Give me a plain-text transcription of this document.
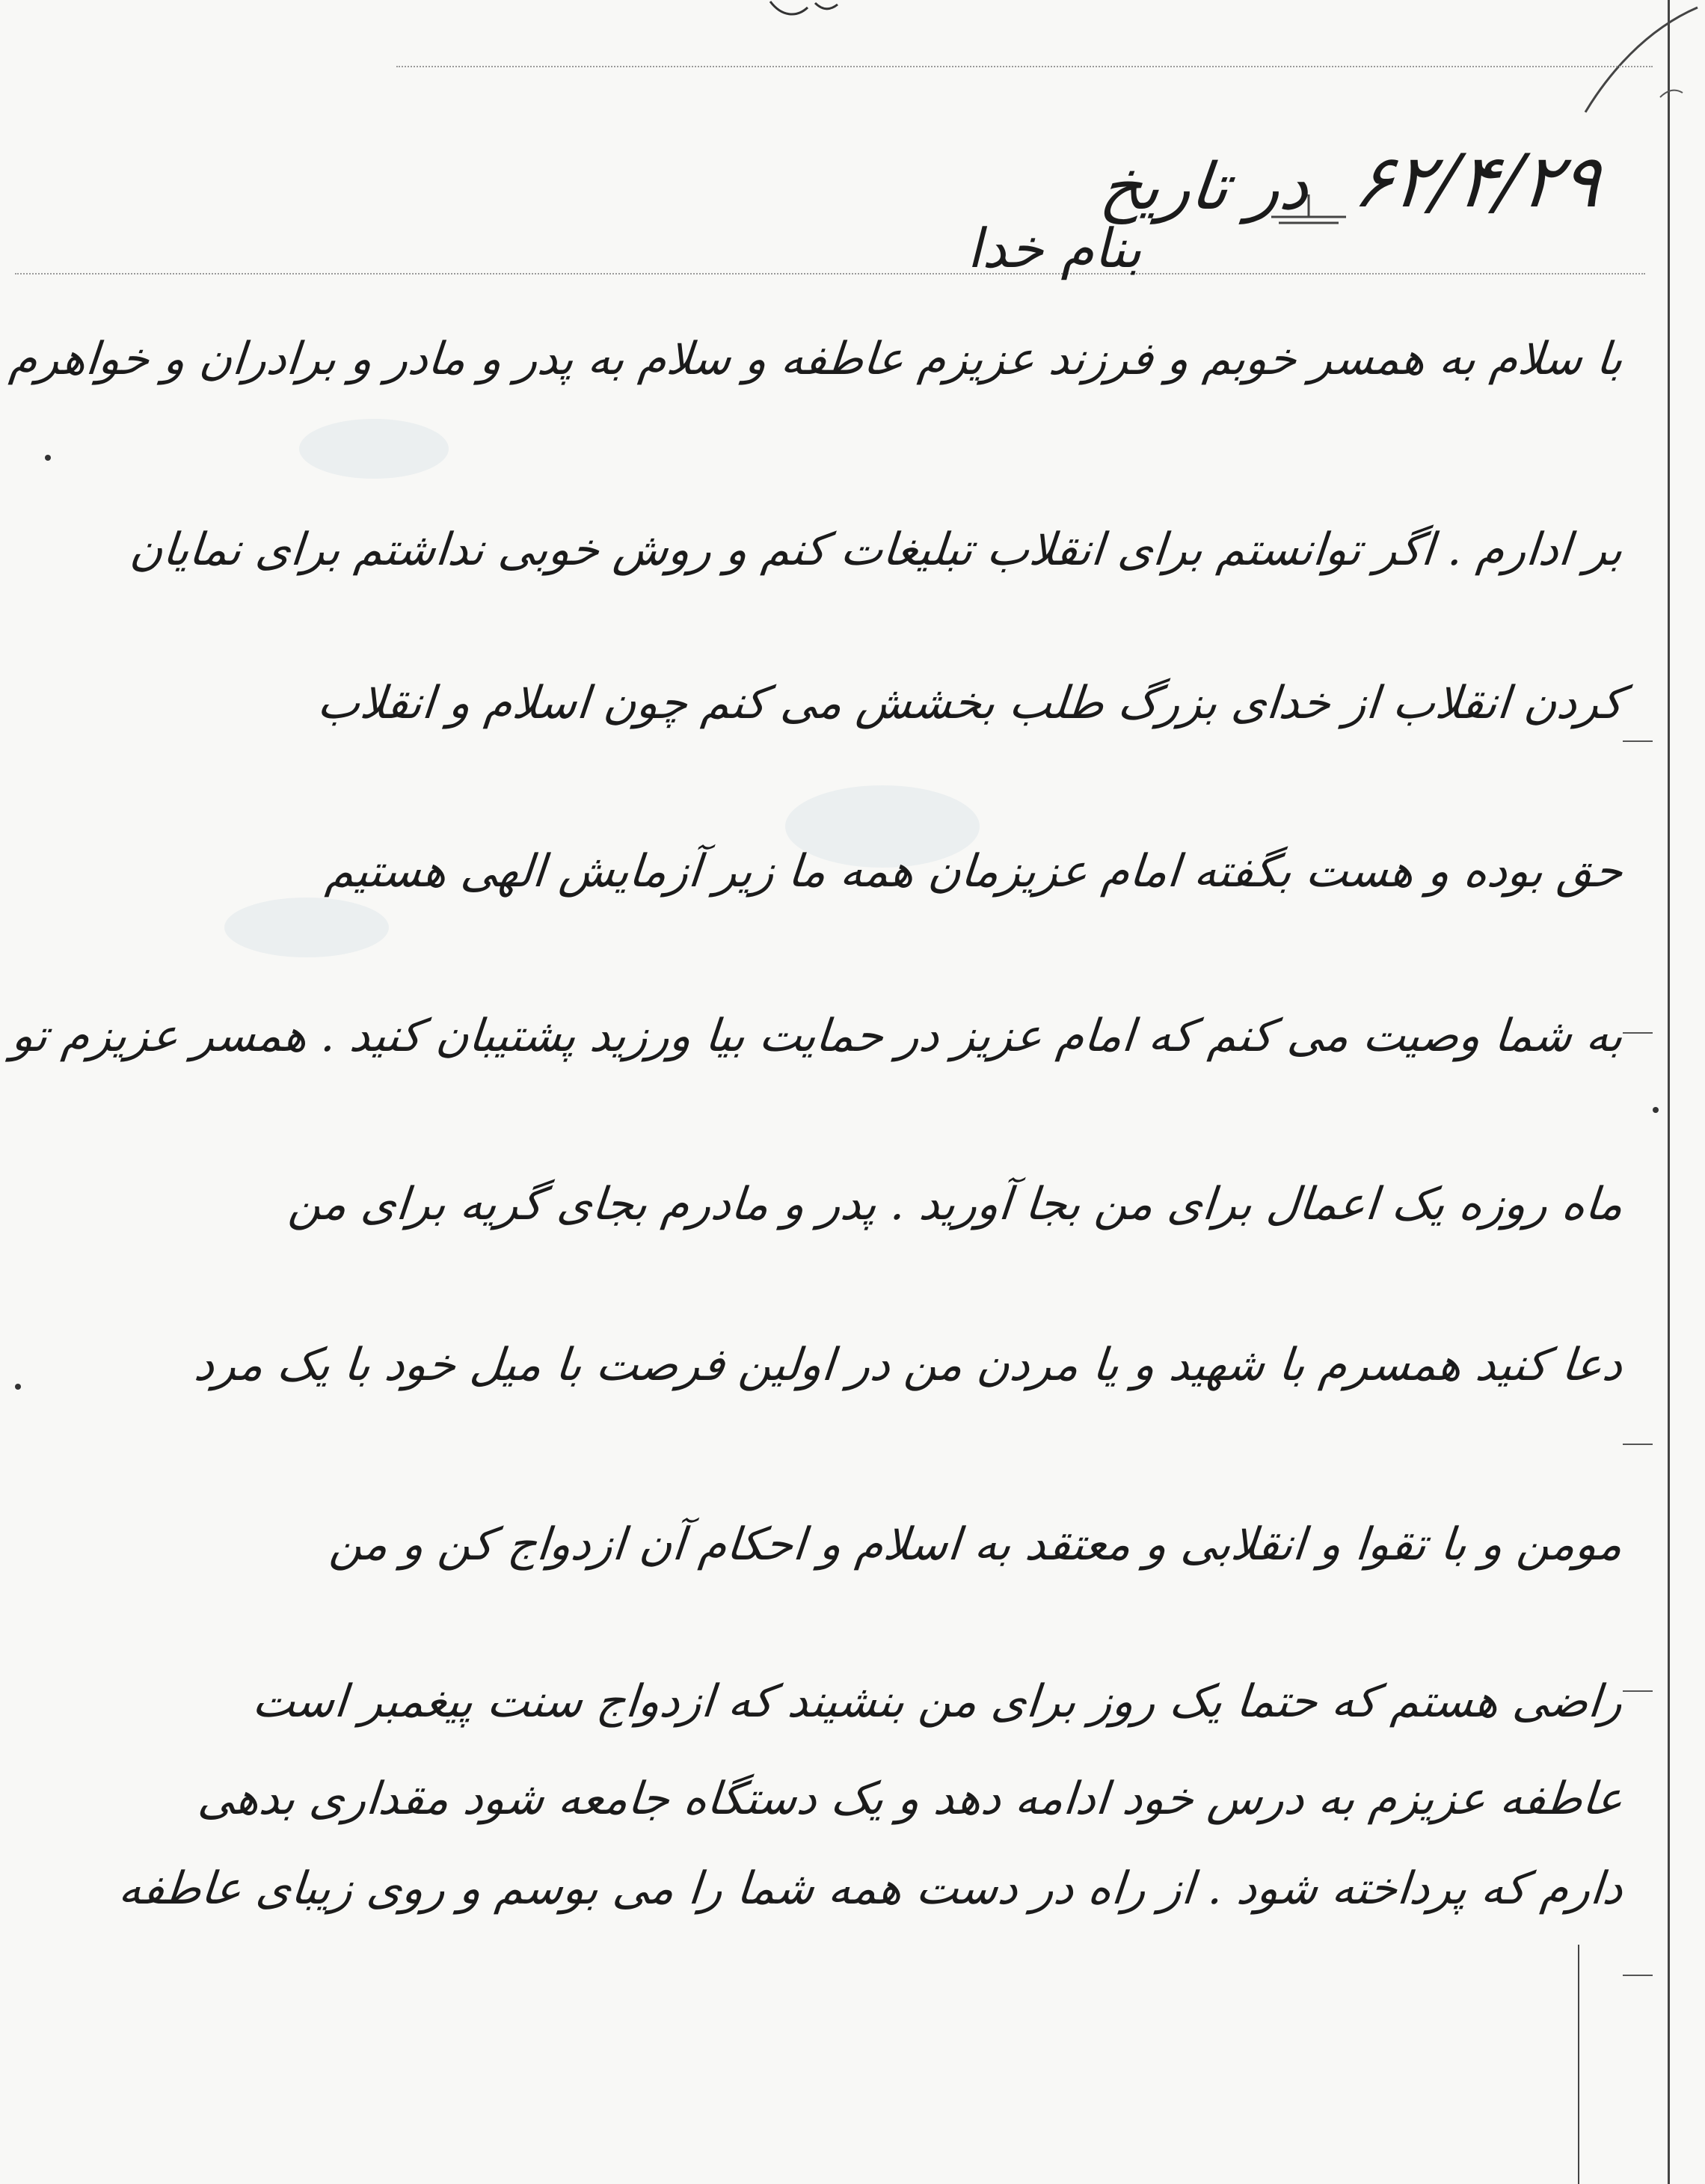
در تاریخ ۶۲/۴/۲۹
بنام خدا
با سلام به همسر خوبم و فرزند عزیزم عاطفه و سلام به پدر و مادر و برادران و خواهرم
بر ادارم . اگر توانستم برای انقلاب تبلیغات کنم و روش خوبی نداشتم برای نمایان
کردن انقلاب از خدای بزرگ طلب بخشش می کنم چون اسلام و انقلاب
حق بوده و هست بگفته امام عزیزمان همه ما زیر آزمایش الهی هستیم
به شما وصیت می کنم که امام عزیز در حمایت بیا ورزید پشتیبان کنید . همسر عزیزم تو
ماه روزه یک اعمال برای من بجا آورید . پدر و مادرم بجای گریه برای من
دعا کنید همسرم با شهید و یا مردن من در اولین فرصت با میل خود با یک مرد
مومن و با تقوا و انقلابی و معتقد به اسلام و احکام آن ازدواج کن و من
راضی هستم که حتما یک روز برای من بنشیند که ازدواج سنت پیغمبر است
عاطفه عزیزم به درس خود ادامه دهد و یک دستگاه جامعه شود مقداری بدهی
دارم که پرداخته شود . از راه در دست همه شما را می بوسم و روی زیبای عاطفه
